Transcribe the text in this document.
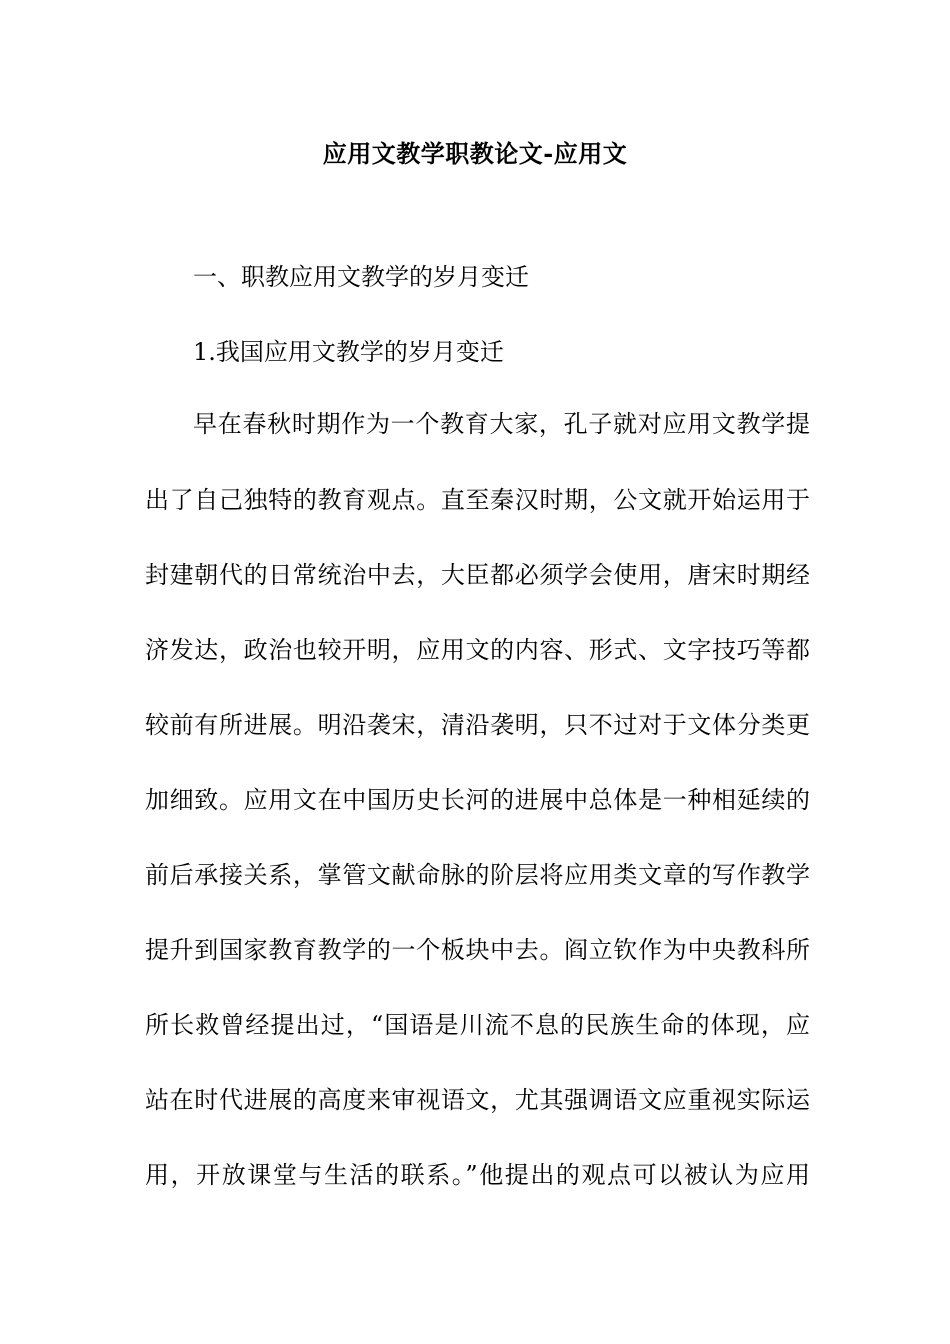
应用文教学职教论文-应用文
一、职教应用文教学的岁月变迁
1.我国应用文教学的岁月变迁
早在春秋时期作为一个教育大家，孔子就对应用文教学提
出了自己独特的教育观点。直至秦汉时期，公文就开始运用于
封建朝代的日常统治中去，大臣都必须学会使用，唐宋时期经
济发达，政治也较开明，应用文的内容、形式、文字技巧等都
较前有所进展。明沿袭宋，清沿袭明，只不过对于文体分类更
加细致。应用文在中国历史长河的进展中总体是一种相延续的
前后承接关系，掌管文献命脉的阶层将应用类文章的写作教学
提升到国家教育教学的一个板块中去。阎立钦作为中央教科所
所长救曾经提出过，“国语是川流不息的民族生命的体现，应
站在时代进展的高度来审视语文，尤其强调语文应重视实际运
用，开放课堂与生活的联系。”他提出的观点可以被认为应用
